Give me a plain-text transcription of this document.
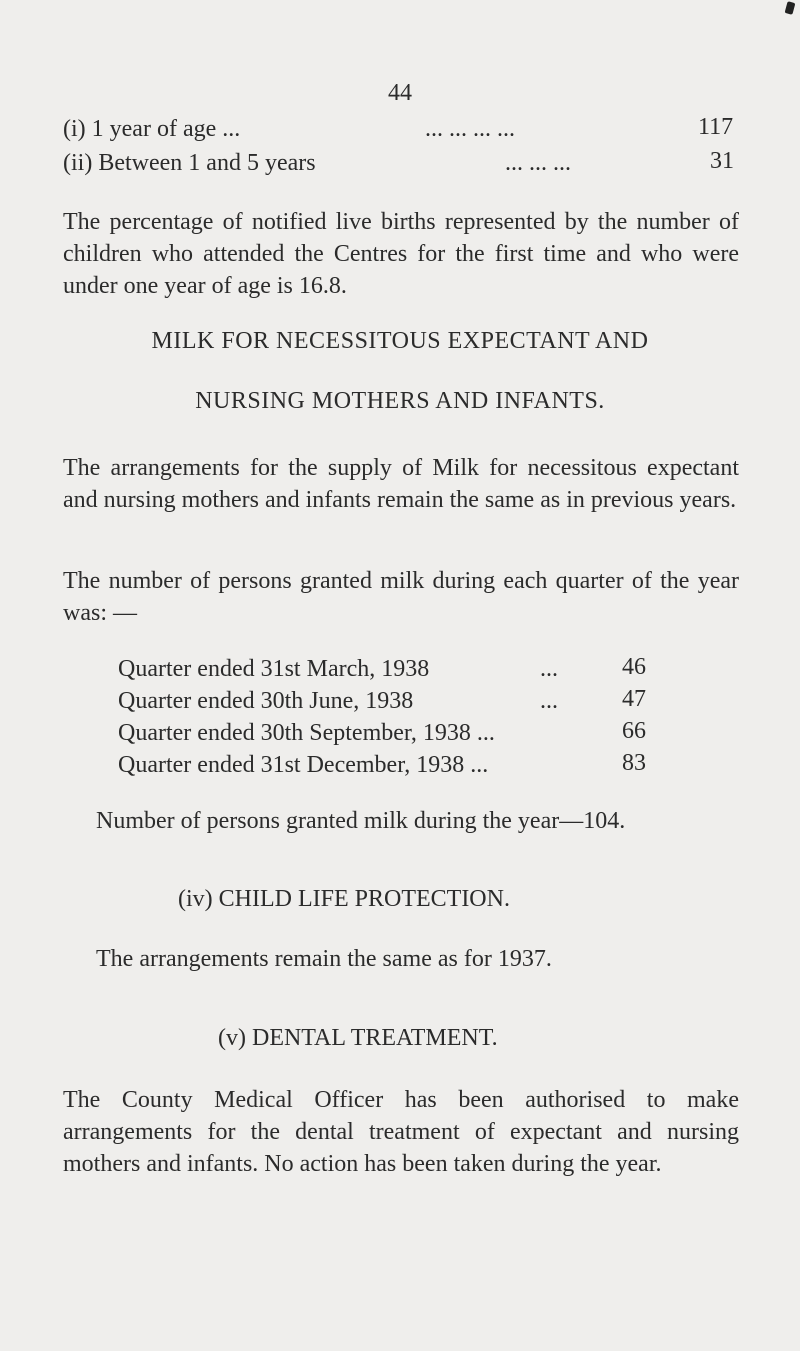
44
(i) 1 year of age ...	... ... ... ...	117
(ii) Between 1 and 5 years	... ... ...	31
The percentage of notified live births represented by the number of children who attended the Centres for the first time and who were under one year of age is 16.8.
MILK FOR NECESSITOUS EXPECTANT AND
NURSING MOTHERS AND INFANTS.
The arrangements for the supply of Milk for necessitous expectant and nursing mothers and infants remain the same as in previous years.
The number of persons granted milk during each quarter of the year was: —
Quarter ended 31st March, 1938	...	46
Quarter ended 30th June, 1938	...	47
Quarter ended 30th September, 1938 ...	66
Quarter ended 31st December, 1938 ...	83
Number of persons granted milk during the year—104.
(iv) CHILD LIFE PROTECTION.
The arrangements remain the same as for 1937.
(v) DENTAL TREATMENT.
The County Medical Officer has been authorised to make arrangements for the dental treatment of expectant and nursing mothers and infants. No action has been taken during the year.
